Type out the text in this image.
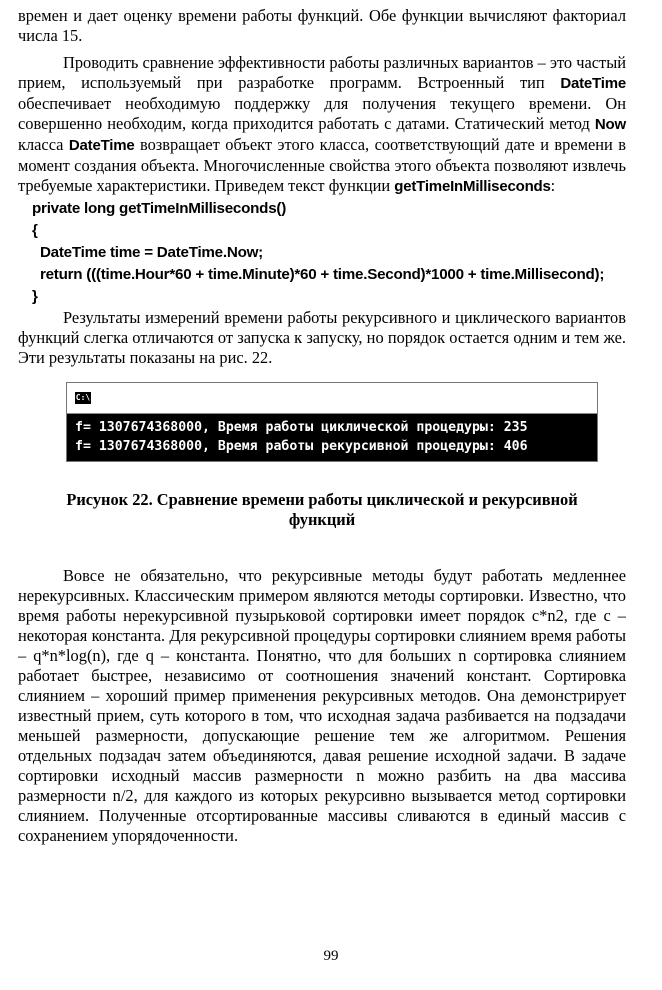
времен и дает оценку времени работы функций. Обе функции вычисляют факториал числа 15.

Проводить сравнение эффективности работы различных вариантов – это частый прием, используемый при разработке программ. Встроенный тип DateTime обеспечивает необходимую поддержку для получения текущего времени. Он совершенно необходим, когда приходится работать с датами. Статический метод Now класса DateTime возвращает объект этого класса, соответствующий дате и времени в момент создания объекта. Многочисленные свойства этого объекта позволяют извлечь требуемые характеристики. Приведем текст функции getTimeInMilliseconds:

private long getTimeInMilliseconds()
{
DateTime time = DateTime.Now;
return (((time.Hour*60 + time.Minute)*60 + time.Second)*1000 + time.Millisecond);
}

Результаты измерений времени работы рекурсивного и циклического вариантов функций слегка отличаются от запуска к запуску, но порядок остается одним и тем же. Эти результаты показаны на рис. 22.

C:\
f= 1307674368000, Время работы циклической процедуры: 235
f= 1307674368000, Время работы рекурсивной процедуры: 406
Рисунок 22. Сравнение времени работы циклической и рекурсивной
функций

Вовсе не обязательно, что рекурсивные методы будут работать медленнее нерекурсивных. Классическим примером являются методы сортировки. Известно, что время работы нерекурсивной пузырьковой сортировки имеет порядок c*n2, где c – некоторая константа. Для рекурсивной процедуры сортировки слиянием время работы – q*n*log(n), где q – константа. Понятно, что для больших n сортировка слиянием работает быстрее, независимо от соотношения значений констант. Сортировка слиянием – хороший пример применения рекурсивных методов. Она демонстрирует известный прием, суть которого в том, что исходная задача разбивается на подзадачи меньшей размерности, допускающие решение тем же алгоритмом. Решения отдельных подзадач затем объединяются, давая решение исходной задачи. В задаче сортировки исходный массив размерности n можно разбить на два массива размерности n/2, для каждого из которых рекурсивно вызывается метод сортировки слиянием. Полученные отсортированные массивы сливаются в единый массив с сохранением упорядоченности.

99
